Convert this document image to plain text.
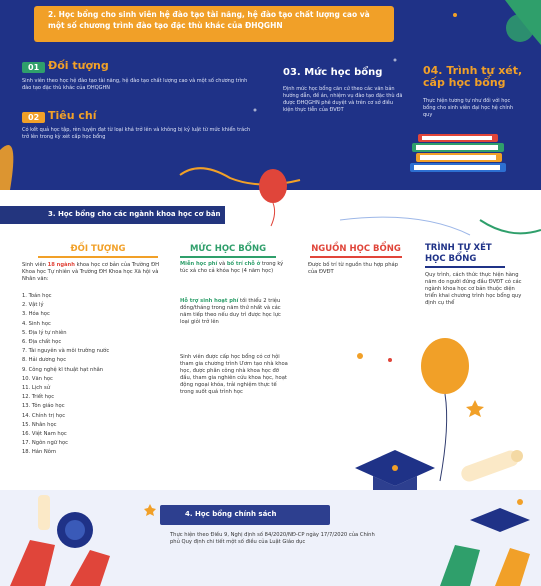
2. Học bổng cho sinh viên hệ đào tạo tài năng, hệ đào tạo chất lượng cao và một số chương trình đào tạo đặc thù khác của ĐHQGHN
01 Đối tượng
Sinh viên theo học hệ đào tạo tài năng, hệ đào tạo chất lượng cao và một số chương trình đào tạo đặc thù khác của ĐHQGHN
02 Tiêu chí
Có kết quả học tập, rèn luyện đạt từ loại khá trở lên và không bị kỷ luật từ mức khiển trách trở lên trong kỳ xét cấp học bổng
03. Mức học bổng
Định mức học bổng căn cứ theo các văn bản hướng dẫn, đề án, nhiệm vụ đào tạo đặc thù đã được ĐHQGHN phê duyệt và trên cơ sở điều kiện thực tiễn của ĐVĐT
04. Trình tự xét, cấp học bổng
Thực hiện tương tự như đối với học bổng cho sinh viên đại học hệ chính quy
3. Học bổng cho các ngành khoa học cơ bản
ĐỐI TƯỢNG
Sinh viên 18 ngành khoa học cơ bản của Trường ĐH Khoa học Tự nhiên và Trường ĐH Khoa học Xã hội và Nhân văn:
1. Toán học
2. Vật lý
3. Hóa học
4. Sinh học
5. Địa lý tự nhiên
6. Địa chất học
7. Tài nguyên và môi trường nước
8. Hải dương học
9. Công nghệ kĩ thuật hạt nhân
10. Văn học
11. Lịch sử
12. Triết học
13. Tôn giáo học
14. Chính trị học
15. Nhân học
16. Việt Nam học
17. Ngôn ngữ học
18. Hán Nôm
MỨC HỌC BỔNG
Miễn học phí và bố trí chỗ ở trong ký túc xá cho cả khóa học (4 năm học)
Hỗ trợ sinh hoạt phí tối thiểu 2 triệu đồng/tháng trong năm thứ nhất và các năm tiếp theo nếu duy trì được học lực loại giỏi trở lên
Sinh viên được cấp học bổng có cơ hội tham gia chương trình Ươm tạo nhà khoa học, được phân công nhà khoa học đỡ đầu, tham gia nghiên cứu khoa học, hoạt động ngoại khóa, trải nghiệm thực tế trong suốt quá trình học
NGUỒN HỌC BỔNG
Được bố trí từ nguồn thu hợp pháp của ĐVĐT
TRÌNH TỰ XÉT
HỌC BỔNG
Quy trình, cách thức thực hiện hàng năm do người đứng đầu ĐVĐT có các ngành khoa học cơ bản thuộc diện triển khai chương trình học bổng quy định cụ thể
4. Học bổng chính sách
Thực hiện theo Điều 9, Nghị định số 84/2020/NĐ-CP ngày 17/7/2020 của Chính phủ Quy định chi tiết một số điều của Luật Giáo dục
